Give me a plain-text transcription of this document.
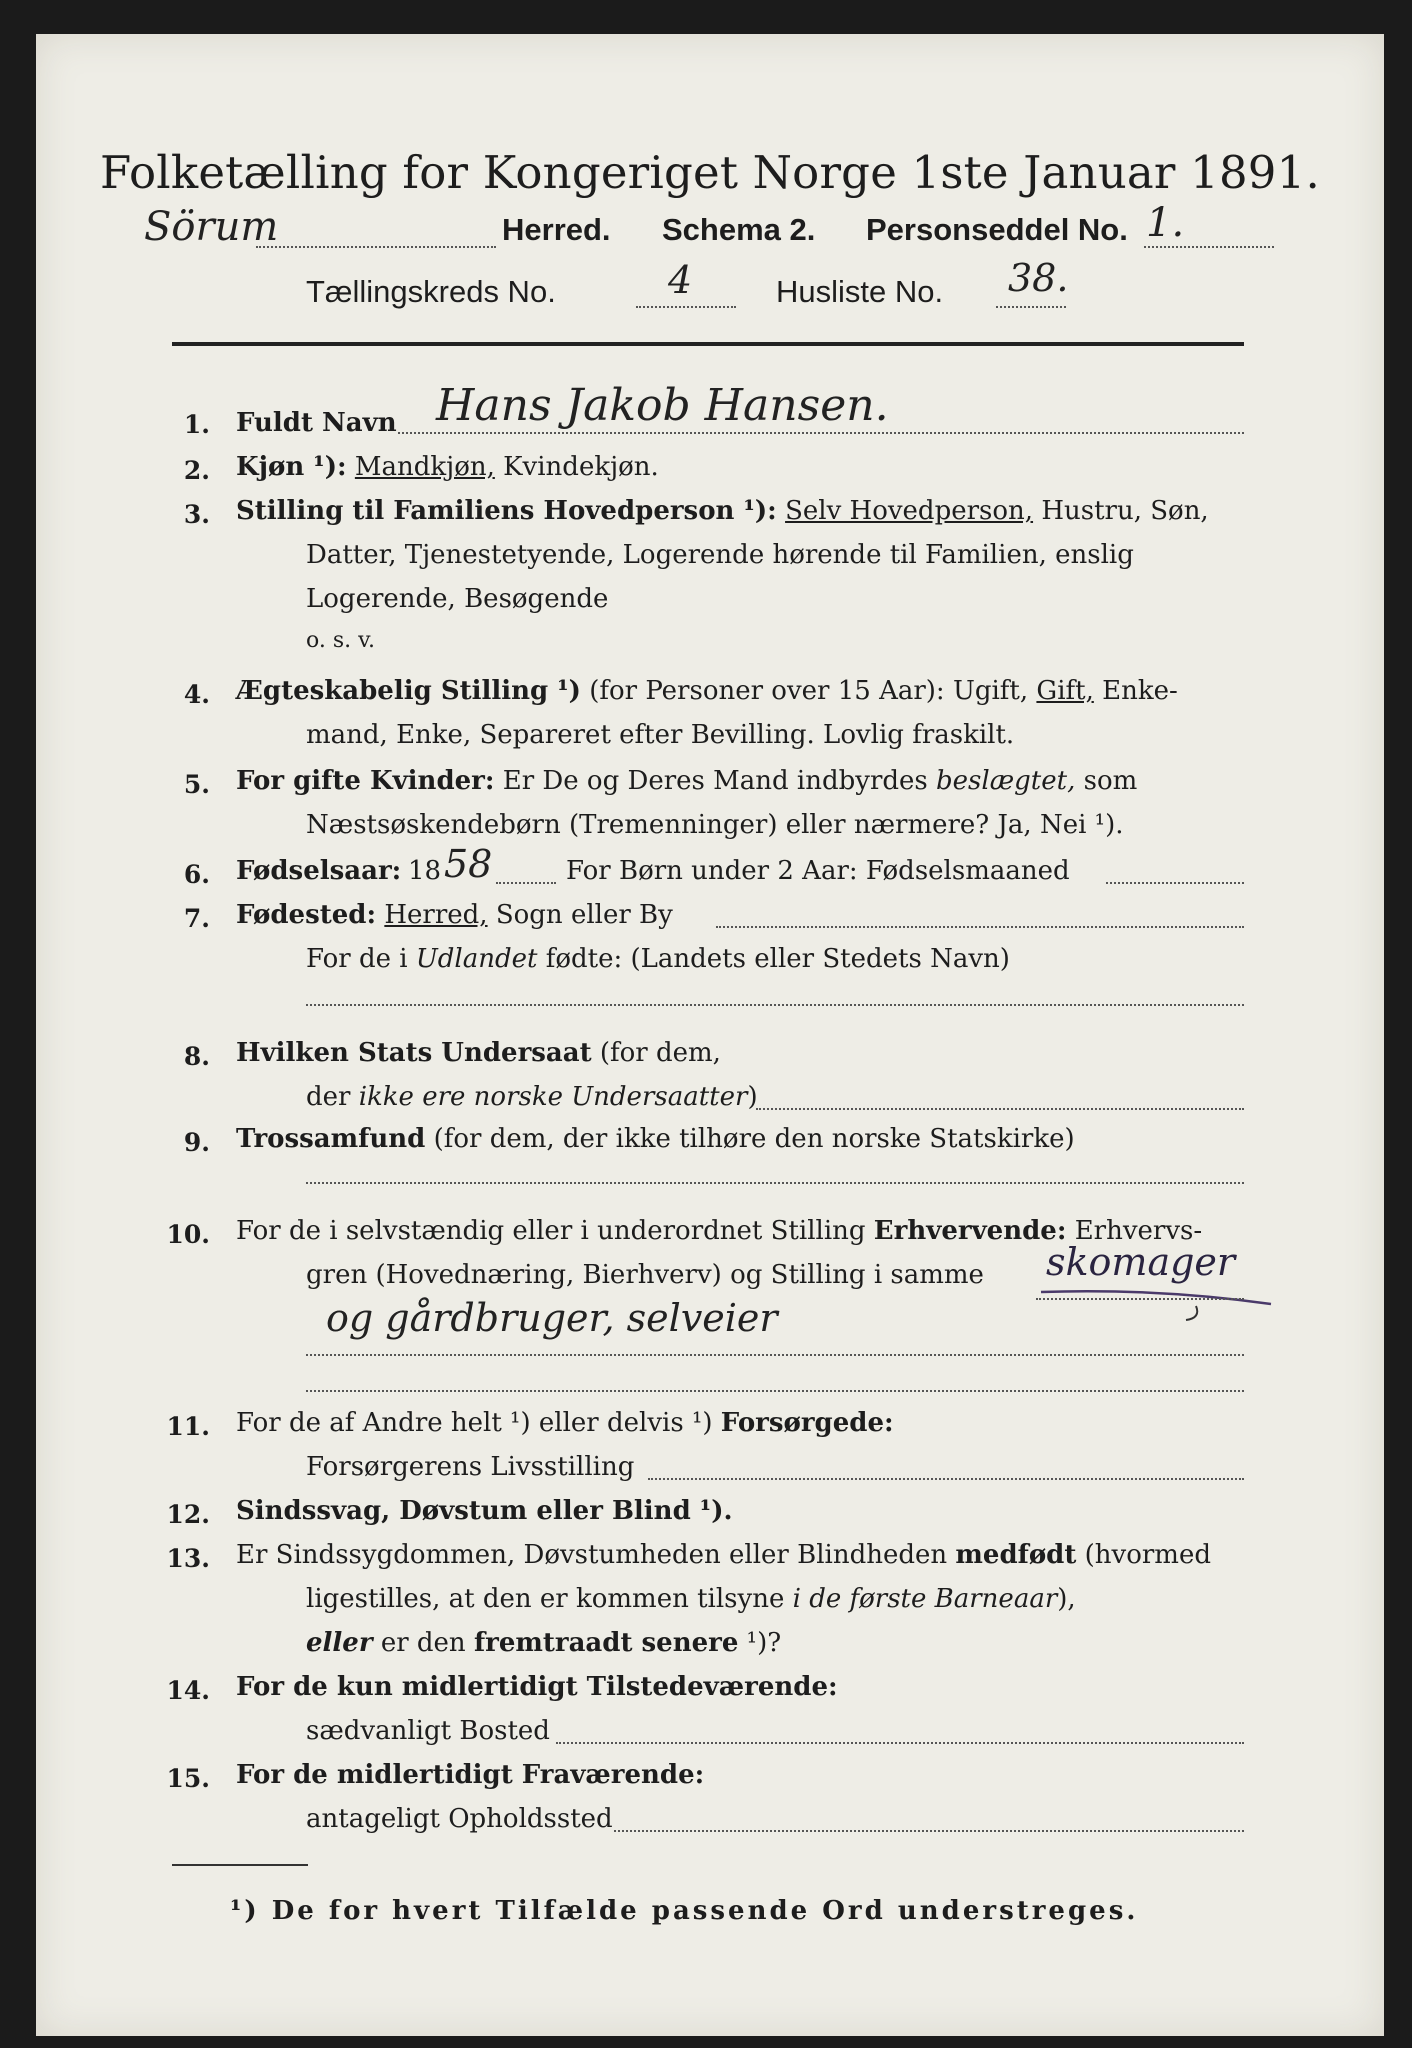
Folketælling for Kongeriget Norge 1ste Januar 1891.
Sörum	Herred. Schema 2. Personseddel No. 1.
Tællingskreds No.	4	Husliste No. 38.
1. Fuldt Navn Hans Jakob Hansen.
2. Kjøn ¹): Mandkjøn, Kvindekjøn.
3. Stilling til Familiens Hovedperson ¹): Selv Hovedperson, Hustru, Søn,
Datter, Tjenestetyende, Logerende hørende til Familien, enslig
Logerende, Besøgende
o. s. v.
4. Ægteskabelig Stilling ¹) (for Personer over 15 Aar): Ugift, Gift, Enke-
mand, Enke, Separeret efter Bevilling. Lovlig fraskilt.
5. For gifte Kvinder: Er De og Deres Mand indbyrdes beslægtet, som
Næstsøskendebørn (Tremenninger) eller nærmere? Ja, Nei ¹).
6. Fødselsaar: 18 58	For Børn under 2 Aar: Fødselsmaaned
7. Fødested: Herred, Sogn eller By
For de i Udlandet fødte: (Landets eller Stedets Navn)
8. Hvilken Stats Undersaat (for dem,
der ikke ere norske Undersaatter)
9. Trossamfund (for dem, der ikke tilhøre den norske Statskirke)
10. For de i selvstændig eller i underordnet Stilling Erhvervende: Erhvervs-
gren (Hovednæring, Bierhverv) og Stilling i samme skomager
og gårdbruger, selveier
11. For de af Andre helt ¹) eller delvis ¹) Forsørgede:
Forsørgerens Livsstilling
12. Sindssvag, Døvstum eller Blind ¹).
13. Er Sindssygdommen, Døvstumheden eller Blindheden medfødt (hvormed
ligestilles, at den er kommen tilsyne i de første Barneaar),
eller er den fremtraadt senere ¹)?
14. For de kun midlertidigt Tilstedeværende:
sædvanligt Bosted
15. For de midlertidigt Fraværende:
antageligt Opholdssted
¹) De for hvert Tilfælde passende Ord understreges.
